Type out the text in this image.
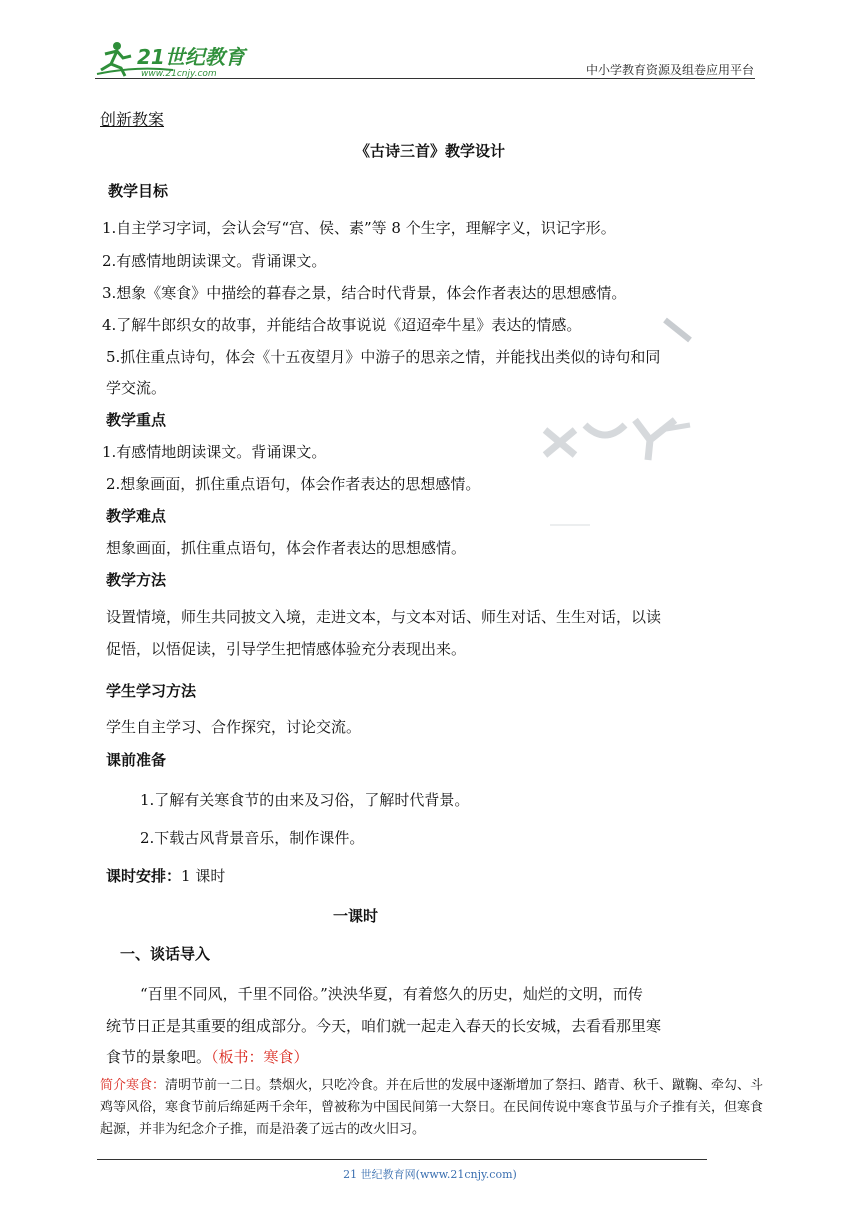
21世纪教育
www.21cnjy.com	中小学教育资源及组卷应用平台
创新教案
《古诗三首》教学设计
教学目标
1.自主学习字词，会认会写“宫、侯、素”等 8 个生字，理解字义，识记字形。
2.有感情地朗读课文。背诵课文。
3.想象《寒食》中描绘的暮春之景，结合时代背景，体会作者表达的思想感情。
4.了解牛郎织女的故事，并能结合故事说说《迢迢牵牛星》表达的情感。
5.抓住重点诗句，体会《十五夜望月》中游子的思亲之情，并能找出类似的诗句和同
学交流。
教学重点
1.有感情地朗读课文。背诵课文。
2.想象画面，抓住重点语句，体会作者表达的思想感情。
教学难点
想象画面，抓住重点语句，体会作者表达的思想感情。
教学方法
设置情境，师生共同披文入境，走进文本，与文本对话、师生对话、生生对话，以读
促悟，以悟促读，引导学生把情感体验充分表现出来。
学生学习方法
学生自主学习、合作探究，讨论交流。
课前准备
1.了解有关寒食节的由来及习俗，了解时代背景。
2.下载古风背景音乐，制作课件。
课时安排：1 课时
一课时
一、谈话导入
“百里不同风，千里不同俗。”泱泱华夏，有着悠久的历史，灿烂的文明，而传
统节日正是其重要的组成部分。今天，咱们就一起走入春天的长安城，去看看那里寒
食节的景象吧。（板书：寒食）
简介寒食：清明节前一二日。禁烟火，只吃冷食。并在后世的发展中逐渐增加了祭扫、踏青、秋千、蹴鞠、牵勾、斗鸡等风俗，寒食节前后绵延两千余年，曾被称为中国民间第一大祭日。在民间传说中寒食节虽与介子推有关，但寒食起源，并非为纪念介子推，而是沿袭了远古的改火旧习。
21 世纪教育网(www.21cnjy.com)
